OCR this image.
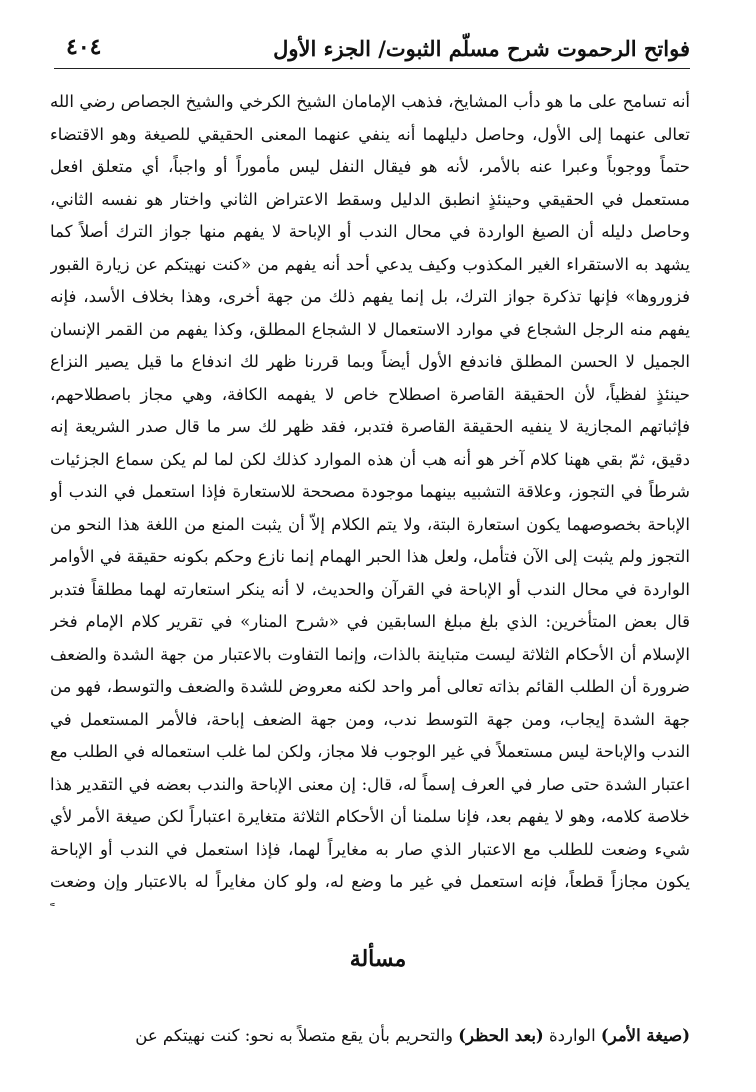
فواتح الرحموت شرح مسلّم الثبوت/ الجزء الأول
٤٠٤

أنه تسامح على ما هو دأب المشايخ، فذهب الإمامان الشيخ الكرخي والشيخ الجصاص رضي الله تعالى عنهما إلى الأول، وحاصل دليلهما أنه ينفي عنهما المعنى الحقيقي للصيغة وهو الاقتضاء حتماً ووجوباً وعبرا عنه بالأمر، لأنه هو فيقال النفل ليس مأموراً أو واجباً، أي متعلق افعل مستعمل في الحقيقي وحينئذٍ انطبق الدليل وسقط الاعتراض الثاني واختار هو نفسه الثاني، وحاصل دليله أن الصيغ الواردة في محال الندب أو الإباحة لا يفهم منها جواز الترك أصلاً كما يشهد به الاستقراء الغير المكذوب وكيف يدعي أحد أنه يفهم من «كنت نهيتكم عن زيارة القبور فزوروها» فإنها تذكرة جواز الترك، بل إنما يفهم ذلك من جهة أخرى، وهذا بخلاف الأسد، فإنه يفهم منه الرجل الشجاع في موارد الاستعمال لا الشجاع المطلق، وكذا يفهم من القمر الإنسان الجميل لا الحسن المطلق فاندفع الأول أيضاً وبما قررنا ظهر لك اندفاع ما قيل يصير النزاع حينئذٍ لفظياً، لأن الحقيقة القاصرة اصطلاح خاص لا يفهمه الكافة، وهي مجاز باصطلاحهم، فإثباتهم المجازية لا ينفيه الحقيقة القاصرة فتدبر، فقد ظهر لك سر ما قال صدر الشريعة إنه دقيق، ثمّ بقي ههنا كلام آخر هو أنه هب أن هذه الموارد كذلك لكن لما لم يكن سماع الجزئيات شرطاً في التجوز، وعلاقة التشبيه بينهما موجودة مصححة للاستعارة فإذا استعمل في الندب أو الإباحة بخصوصهما يكون استعارة البتة، ولا يتم الكلام إلاّ أن يثبت المنع من اللغة هذا النحو من التجوز ولم يثبت إلى الآن فتأمل، ولعل هذا الحبر الهمام إنما نازع وحكم بكونه حقيقة في الأوامر الواردة في محال الندب أو الإباحة في القرآن والحديث، لا أنه ينكر استعارته لهما مطلقاً فتدبر قال بعض المتأخرين: الذي بلغ مبلغ السابقين في «شرح المنار» في تقرير كلام الإمام فخر الإسلام أن الأحكام الثلاثة ليست متباينة بالذات، وإنما التفاوت بالاعتبار من جهة الشدة والضعف ضرورة أن الطلب القائم بذاته تعالى أمر واحد لكنه معروض للشدة والضعف والتوسط، فهو من جهة الشدة إيجاب، ومن جهة التوسط ندب، ومن جهة الضعف إباحة، فالأمر المستعمل في الندب والإباحة ليس مستعملاً في غير الوجوب فلا مجاز، ولكن لما غلب استعماله في الطلب مع اعتبار الشدة حتى صار في العرف إسماً له، قال: إن معنى الإباحة والندب بعضه في التقدير هذا خلاصة كلامه، وهو لا يفهم بعد، فإنا سلمنا أن الأحكام الثلاثة متغايرة اعتباراً لكن صيغة الأمر لأي شيء وضعت للطلب مع الاعتبار الذي صار به مغايراً لهما، فإذا استعمل في الندب أو الإباحة يكون مجازاً قطعاً، فإنه استعمل في غير ما وضع له، ولو كان مغايراً له بالاعتبار وإن وضعت

مسألة
(صيغة الأمر) الواردة (بعد الحظر) والتحريم بأن يقع متصلاً به نحو: كنت نهيتكم عن
